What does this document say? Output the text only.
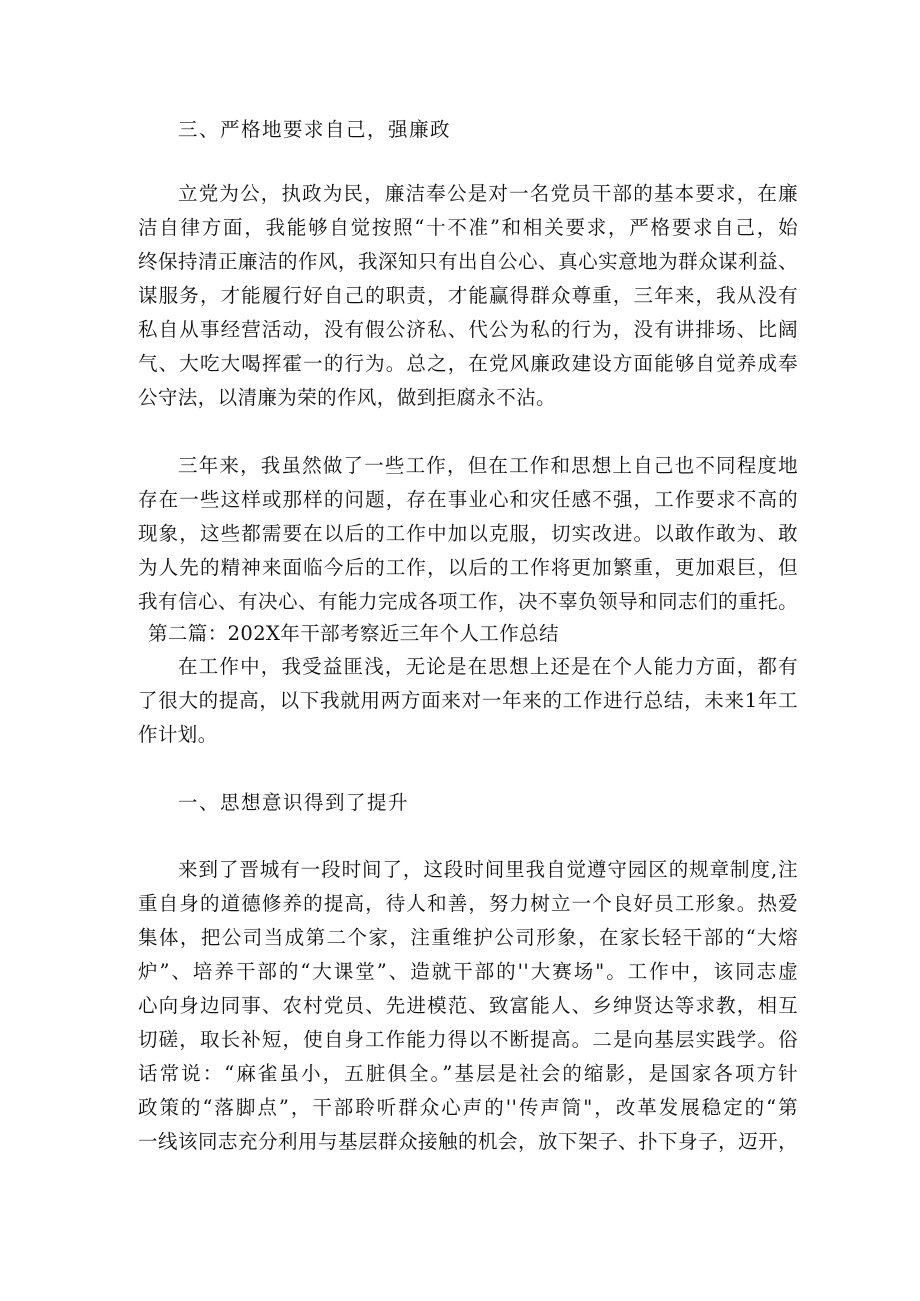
三、严格地要求自己，强廉政
立党为公，执政为民，廉洁奉公是对一名党员干部的基本要求，在廉
洁自律方面，我能够自觉按照“十不准”和相关要求，严格要求自己，始
终保持清正廉洁的作风，我深知只有出自公心、真心实意地为群众谋利益、
谋服务，才能履行好自己的职责，才能赢得群众尊重，三年来，我从没有
私自从事经营活动，没有假公济私、代公为私的行为，没有讲排场、比阔
气、大吃大喝挥霍一的行为。总之，在党风廉政建设方面能够自觉养成奉
公守法，以清廉为荣的作风，做到拒腐永不沾。
三年来，我虽然做了一些工作，但在工作和思想上自己也不同程度地
存在一些这样或那样的问题，存在事业心和灾任感不强，工作要求不高的
现象，这些都需要在以后的工作中加以克服，切实改进。以敢作敢为、敢
为人先的精神来面临今后的工作，以后的工作将更加繁重，更加艰巨，但
我有信心、有决心、有能力完成各项工作，决不辜负领导和同志们的重托。
第二篇：202X年干部考察近三年个人工作总结
在工作中，我受益匪浅，无论是在思想上还是在个人能力方面，都有
了很大的提高，以下我就用两方面来对一年来的工作进行总结，未来1年工
作计划。
一、思想意识得到了提升
来到了晋城有一段时间了，这段时间里我自觉遵守园区的规章制度,注
重自身的道德修养的提高，待人和善，努力树立一个良好员工形象。热爱
集体，把公司当成第二个家，注重维护公司形象，在家长轻干部的“大熔
炉”、培养干部的“大课堂”、造就干部的''大赛场"。工作中，该同志虚
心向身边同事、农村党员、先进模范、致富能人、乡绅贤达等求教，相互
切磋，取长补短，使自身工作能力得以不断提高。二是向基层实践学。俗
话常说：“麻雀虽小，五脏俱全。”基层是社会的缩影，是国家各项方针
政策的“落脚点”，干部聆听群众心声的''传声筒"，改革发展稳定的“第
一线该同志充分利用与基层群众接触的机会，放下架子、扑下身子，迈开，
